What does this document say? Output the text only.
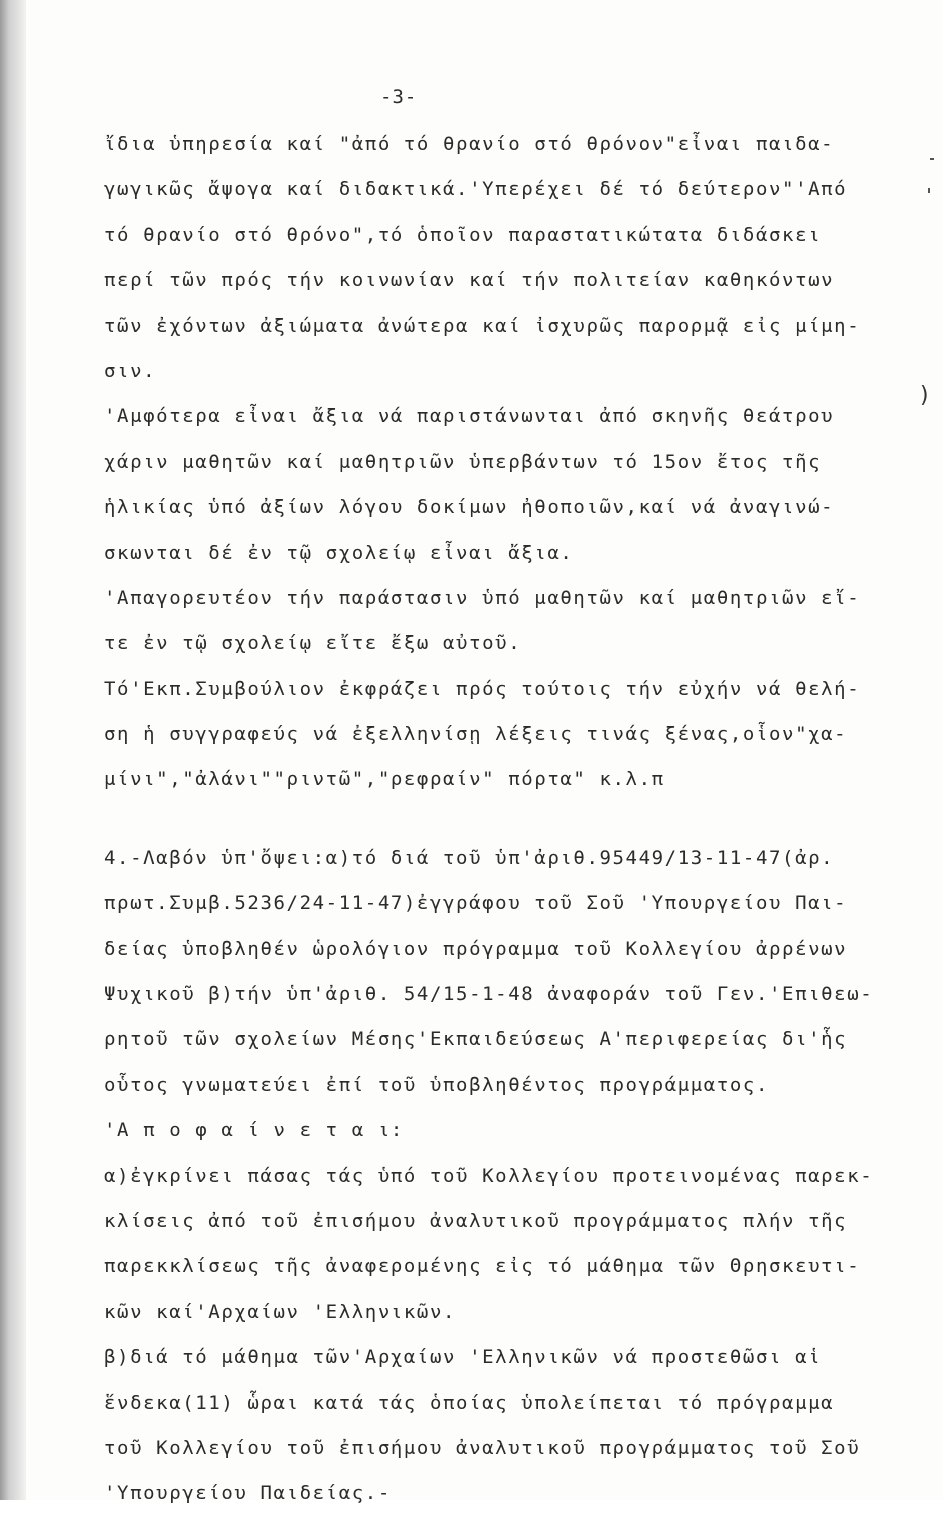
-3-
)
ἴδια ὑπηρεσία καί "ἀπό τό θρανίο στό θρόνον"εἶναι παιδα-
γωγικῶς ἄψογα καί διδακτικά.'Υπερέχει δέ τό δεύτερον"'Από
τό θρανίο στό θρόνο",τό ὁποῖον παραστατικώτατα διδάσκει
περί τῶν πρός τήν κοινωνίαν καί τήν πολιτείαν καθηκόντων
τῶν ἐχόντων ἀξιώματα ἀνώτερα καί ἰσχυρῶς παρορμᾷ εἰς μίμη-
σιν.
'Αμφότερα εἶναι ἄξια νά παριστάνωνται ἀπό σκηνῆς θεάτρου
χάριν μαθητῶν καί μαθητριῶν ὑπερβάντων τό 15ον ἔτος τῆς
ἡλικίας ὑπό ἀξίων λόγου δοκίμων ἠθοποιῶν,καί νά ἀναγινώ-
σκωνται δέ ἐν τῷ σχολείῳ εἶναι ἄξια.
'Απαγορευτέον τήν παράστασιν ὑπό μαθητῶν καί μαθητριῶν εἴ-
τε ἐν τῷ σχολείῳ εἴτε ἔξω αὐτοῦ.
Τό'Εκπ.Συμβούλιον ἐκφράζει πρός τούτοις τήν εὐχήν νά θελή-
ση ἡ συγγραφεύς νά ἐξελληνίσῃ λέξεις τινάς ξένας,οἷον"χα-
μίνι","ἀλάνι""ριντῶ","ρεφραίν" πόρτα" κ.λ.π
4.-Λαβόν ὑπ'ὄψει:α)τό διά τοῦ ὑπ'ἀριθ.95449/13-11-47(ἀρ.
πρωτ.Συμβ.5236/24-11-47)ἐγγράφου τοῦ Σοῦ 'Υπουργείου Παι-
δείας ὑποβληθέν ὡρολόγιον πρόγραμμα τοῦ Κολλεγίου ἀρρένων
Ψυχικοῦ β)τήν ὑπ'ἀριθ. 54/15-1-48 ἀναφοράν τοῦ Γεν.'Επιθεω-
ρητοῦ τῶν σχολείων Μέσης'Εκπαιδεύσεως Α'περιφερείας δι'ἧς
οὗτος γνωματεύει ἐπί τοῦ ὑποβληθέντος προγράμματος.
'Α π ο φ α ί ν ε τ α ι:
α)ἐγκρίνει πάσας τάς ὑπό τοῦ Κολλεγίου προτεινομένας παρεκ-
κλίσεις ἀπό τοῦ ἐπισήμου ἀναλυτικοῦ προγράμματος πλήν τῆς
παρεκκλίσεως τῆς ἀναφερομένης εἰς τό μάθημα τῶν Θρησκευτι-
κῶν καί'Αρχαίων 'Ελληνικῶν.
β)διά τό μάθημα τῶν'Αρχαίων 'Ελληνικῶν νά προστεθῶσι αἱ
ἕνδεκα(11) ὧραι κατά τάς ὁποίας ὑπολείπεται τό πρόγραμμα
τοῦ Κολλεγίου τοῦ ἐπισήμου ἀναλυτικοῦ προγράμματος τοῦ Σοῦ
'Υπουργείου Παιδείας.-
